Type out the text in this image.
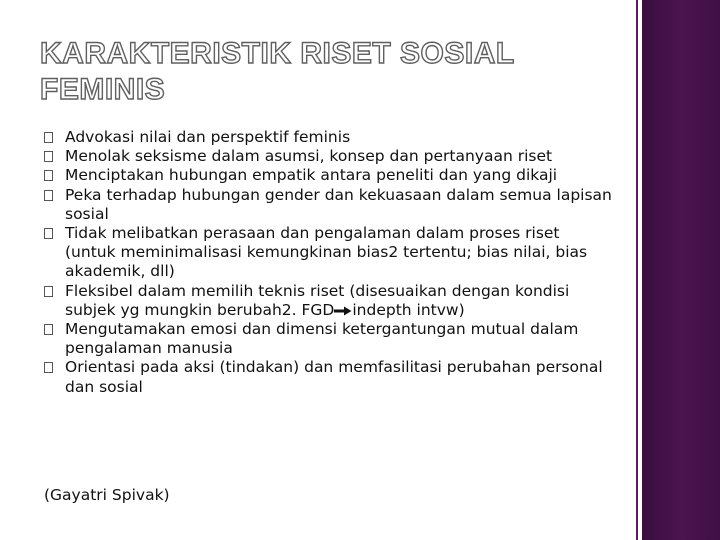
KARAKTERISTIK RISET SOSIAL FEMINIS
Advokasi nilai dan perspektif feminis
Menolak seksisme dalam asumsi, konsep dan pertanyaan riset
Menciptakan hubungan empatik antara peneliti dan yang dikaji
Peka terhadap hubungan gender dan kekuasaan dalam semua lapisan sosial
Tidak melibatkan perasaan dan pengalaman dalam proses riset (untuk meminimalisasi kemungkinan bias2 tertentu; bias nilai, bias akademik, dll)
Fleksibel dalam memilih teknis riset (disesuaikan dengan kondisi subjek yg mungkin berubah2. FGD indepth intvw)
Mengutamakan emosi dan dimensi ketergantungan mutual dalam pengalaman manusia
Orientasi pada aksi (tindakan) dan memfasilitasi perubahan personal dan sosial
(Gayatri Spivak)
